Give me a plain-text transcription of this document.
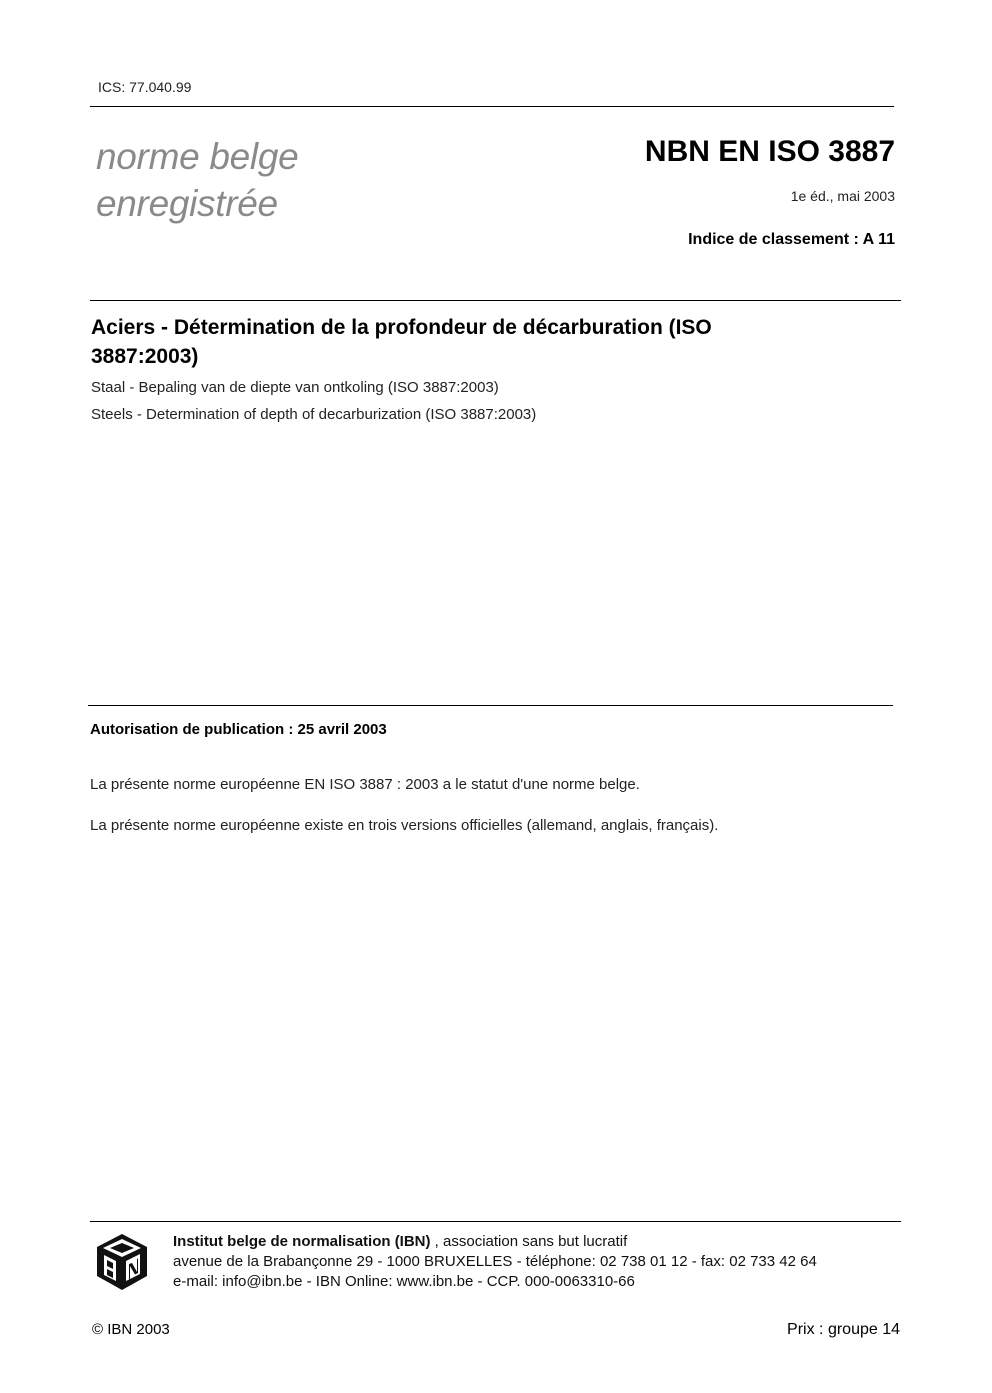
ICS: 77.040.99
norme belge
enregistrée
NBN EN ISO 3887
1e éd., mai 2003
Indice de classement : A 11
Aciers - Détermination de la profondeur de décarburation (ISO 3887:2003)
Staal - Bepaling van de diepte van ontkoling (ISO 3887:2003)
Steels - Determination of depth of decarburization (ISO 3887:2003)
Autorisation de publication : 25 avril 2003
La présente norme européenne EN ISO 3887 : 2003 a le statut d'une norme belge.
La présente norme européenne existe en trois versions officielles (allemand, anglais, français).
Institut belge de normalisation (IBN) , association sans but lucratif
avenue de la Brabançonne 29 - 1000 BRUXELLES - téléphone: 02 738 01 12 - fax: 02 733 42 64
e-mail: info@ibn.be - IBN Online: www.ibn.be - CCP. 000-0063310-66
© IBN 2003	Prix : groupe 14
